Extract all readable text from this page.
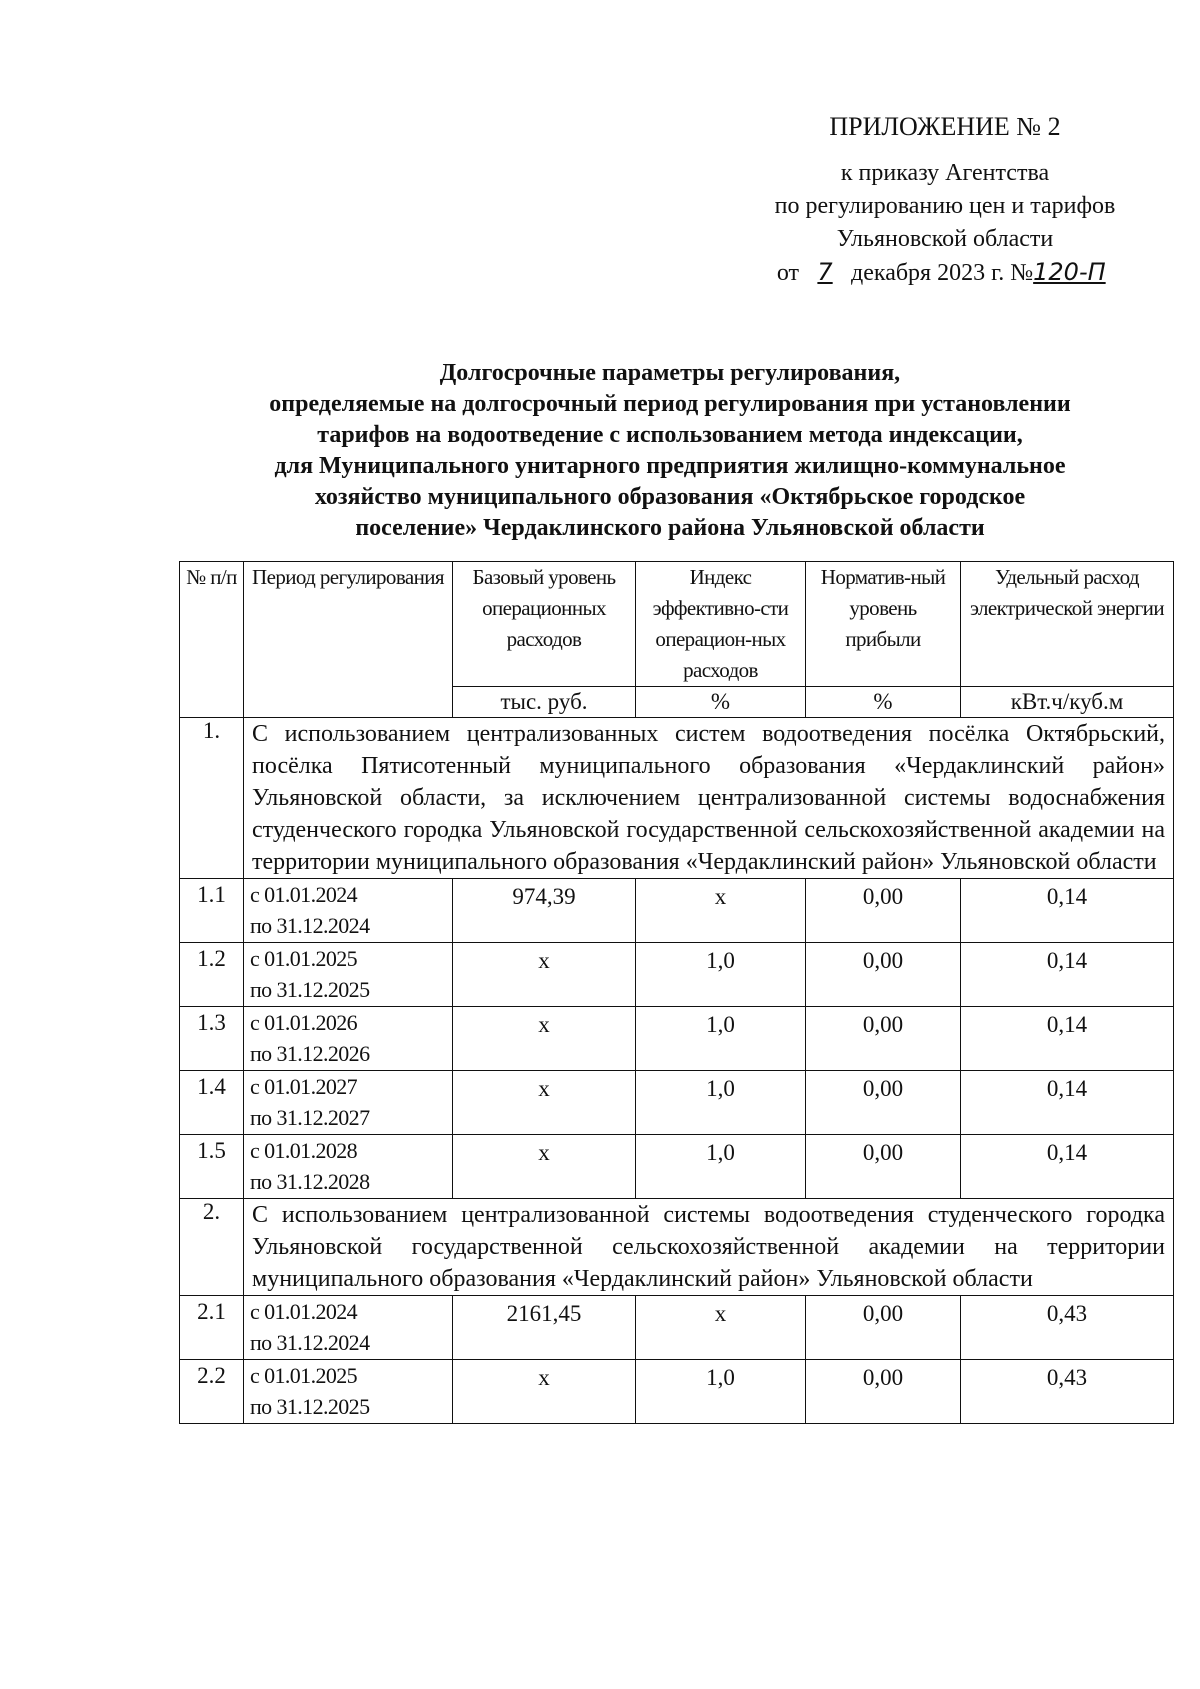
ПРИЛОЖЕНИЕ № 2
к приказу Агентства
по регулированию цен и тарифов
Ульяновской области
от 7 декабря 2023 г. №120-П
Долгосрочные параметры регулирования,
определяемые на долгосрочный период регулирования при установлении
тарифов на водоотведение с использованием метода индексации,
для Муниципального унитарного предприятия жилищно-коммунальное
хозяйство муниципального образования «Октябрьское городское
поселение» Чердаклинского района Ульяновской области
№ п/п	Период регулирования	Базовый уровень операционных расходов	Индекс эффективно-сти операцион-ных расходов	Норматив-ный уровень прибыли	Удельный расход электрической энергии
		тыс. руб.	%	%	кВт.ч/куб.м
1.	С использованием централизованных систем водоотведения посёлка Октябрьский, посёлка Пятисотенный муниципального образования «Чердаклинский район» Ульяновской области, за исключением централизованной системы водоснабжения студенческого городка Ульяновской государственной сельскохозяйственной академии на территории муниципального образования «Чердаклинский район» Ульяновской области				
1.1	с 01.01.2024
по 31.12.2024	974,39	х	0,00	0,14
1.2	с 01.01.2025
по 31.12.2025	х	1,0	0,00	0,14
1.3	с 01.01.2026
по 31.12.2026	х	1,0	0,00	0,14
1.4	с 01.01.2027
по 31.12.2027	х	1,0	0,00	0,14
1.5	с 01.01.2028
по 31.12.2028	х	1,0	0,00	0,14
2.	С использованием централизованной системы водоотведения студенческого городка Ульяновской государственной сельскохозяйственной академии на территории муниципального образования «Чердаклинский район» Ульяновской области				
2.1	с 01.01.2024
по 31.12.2024	2161,45	х	0,00	0,43
2.2	с 01.01.2025
по 31.12.2025	х	1,0	0,00	0,43
